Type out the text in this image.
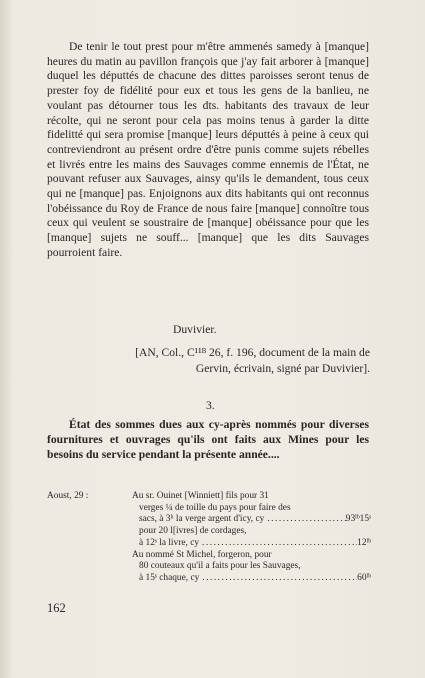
De tenir le tout prest pour m'être ammenés samedy à [manque] heures du matin au pavillon françois que j'ay fait arborer à [manque] duquel les députtés de chacune des dittes paroisses seront tenus de prester foy de fidélité pour eux et tous les gens de la banlieu, ne voulant pas détourner tous les dts. habitants des travaux de leur récolte, qui ne seront pour cela pas moins tenus à garder la ditte fidelitté qui sera promise [manque] leurs députtés à peine à ceux qui contreviendront au présent ordre d'être punis comme sujets rébelles et livrés entre les mains des Sauvages comme ennemis de l'État, ne pouvant refuser aux Sauvages, ainsy qu'ils le demandent, tous ceux qui ne [manque] pas. Enjoignons aux dits habitants qui ont reconnus l'obéissance du Roy de France de nous faire [manque] connoître tous ceux qui veulent se soustraire de [manque] obéissance pour que les [manque] sujets ne souff... [manque] que les dits Sauvages pourroient faire.

Duvivier.

[AN, Col., C¹¹ᴮ 26, f. 196, document de la main de
Gervin, écrivain, signé par Duvivier].

3.

État des sommes dues aux cy-après nommés pour diverses fournitures et ouvrages qu'ils ont faits aux Mines pour les besoins du service pendant la présente année....

Aoust, 29 :	Au sr. Ouinet [Winniett] fils pour 31
verges ¼ de toille du pays pour faire des
sacs, à 3ʰ la verge argent d'icy, cy .....	93ˡᵇ15ˢ
pour 20 l[ivres] de cordages,
à 12ˢ la livre, cy .....	12ˡᵇ
Au nommé St Michel, forgeron, pour
80 couteaux qu'il a faits pour les Sauvages,
à 15ˢ chaque, cy .....	60ˡᵇ

162
